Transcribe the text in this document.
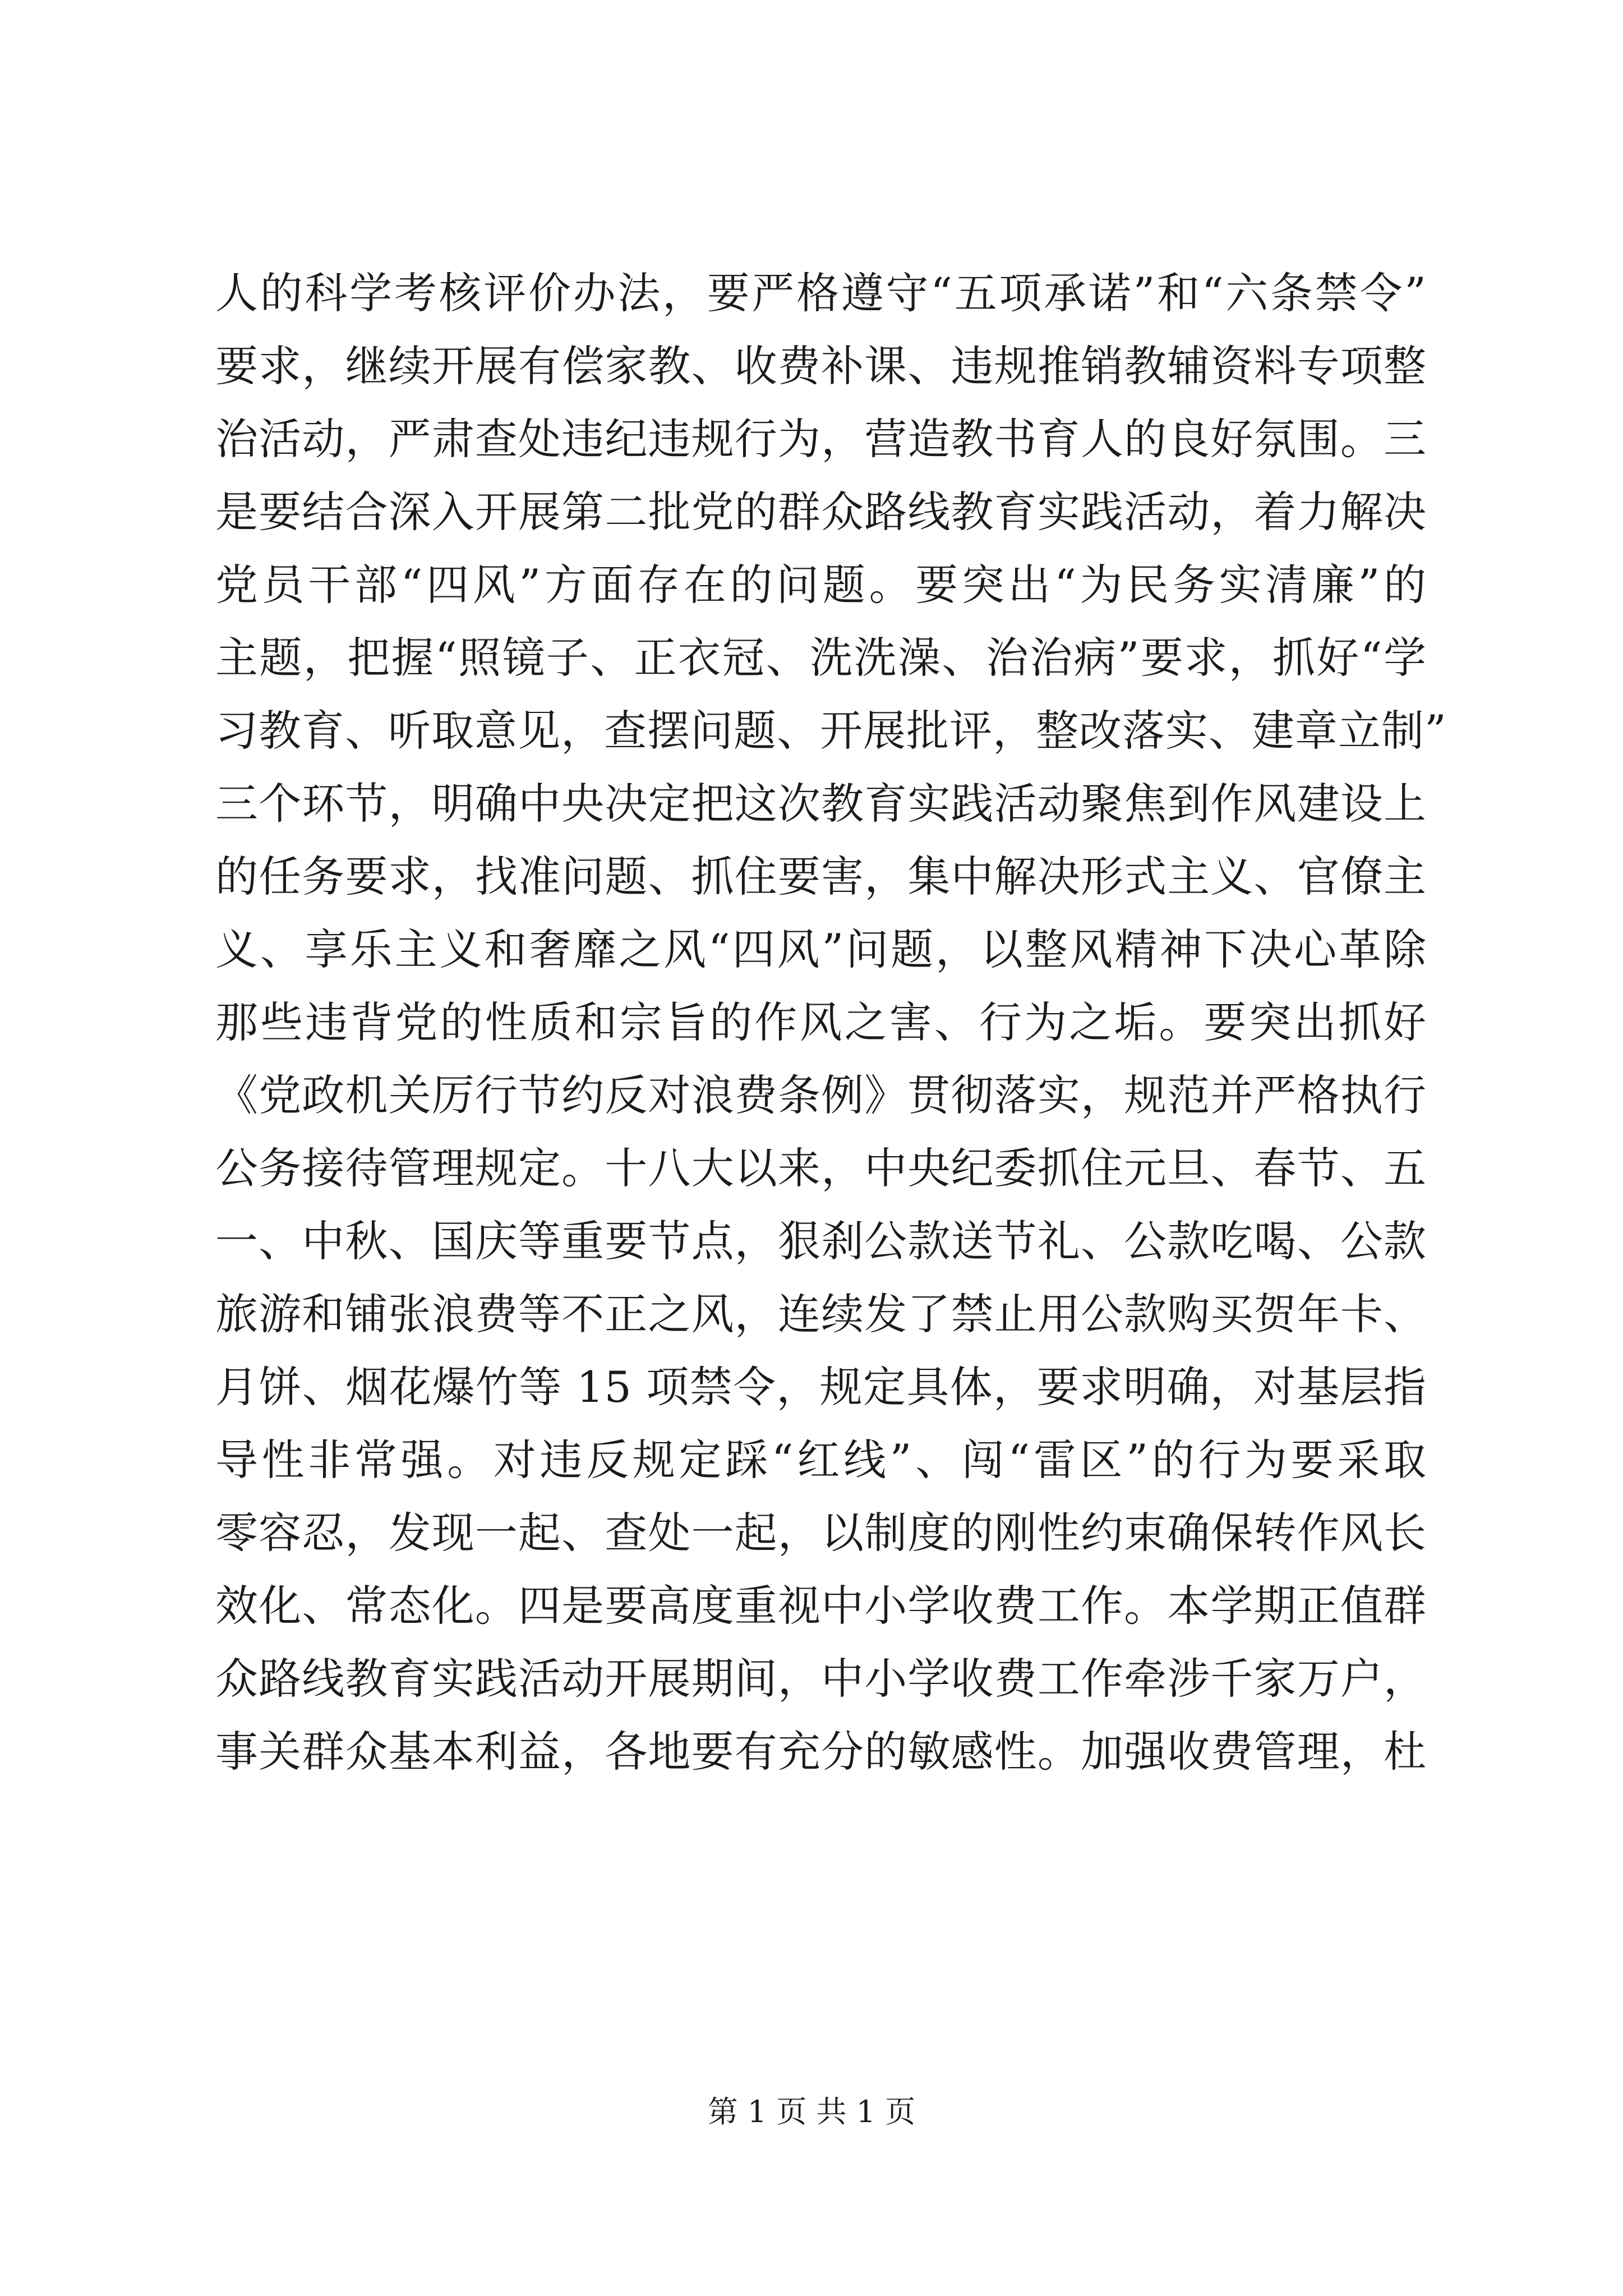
人的科学考核评价办法，要严格遵守“五项承诺”和“六条禁令”
要求，继续开展有偿家教、收费补课、违规推销教辅资料专项整
治活动，严肃查处违纪违规行为，营造教书育人的良好氛围。三
是要结合深入开展第二批党的群众路线教育实践活动，着力解决
党员干部“四风”方面存在的问题。要突出“为民务实清廉”的
主题，把握“照镜子、正衣冠、洗洗澡、治治病”要求，抓好“学
习教育、听取意见，查摆问题、开展批评，整改落实、建章立制”
三个环节，明确中央决定把这次教育实践活动聚焦到作风建设上
的任务要求，找准问题、抓住要害，集中解决形式主义、官僚主
义、享乐主义和奢靡之风“四风”问题，以整风精神下决心革除
那些违背党的性质和宗旨的作风之害、行为之垢。要突出抓好
《党政机关厉行节约反对浪费条例》贯彻落实，规范并严格执行
公务接待管理规定。十八大以来，中央纪委抓住元旦、春节、五
一、中秋、国庆等重要节点，狠刹公款送节礼、公款吃喝、公款
旅游和铺张浪费等不正之风，连续发了禁止用公款购买贺年卡、
月饼、烟花爆竹等 15 项禁令，规定具体，要求明确，对基层指
导性非常强。对违反规定踩“红线”、闯“雷区”的行为要采取
零容忍，发现一起、查处一起，以制度的刚性约束确保转作风长
效化、常态化。四是要高度重视中小学收费工作。本学期正值群
众路线教育实践活动开展期间，中小学收费工作牵涉千家万户，
事关群众基本利益，各地要有充分的敏感性。加强收费管理，杜
第 1 页 共 1 页
